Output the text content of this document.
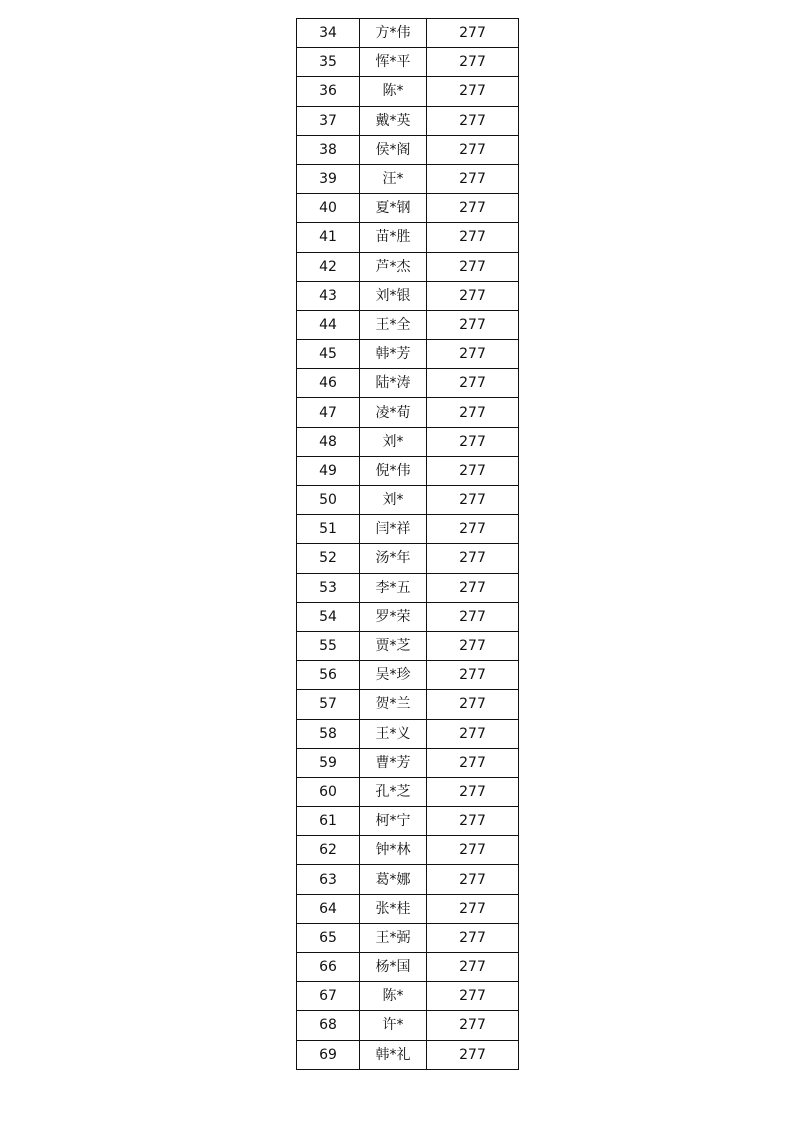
34	方*伟	277
35	恽*平	277
36	陈*	277
37	戴*英	277
38	侯*阁	277
39	汪*	277
40	夏*钢	277
41	苗*胜	277
42	芦*杰	277
43	刘*银	277
44	王*全	277
45	韩*芳	277
46	陆*涛	277
47	凌*荀	277
48	刘*	277
49	倪*伟	277
50	刘*	277
51	闫*祥	277
52	汤*年	277
53	李*五	277
54	罗*荣	277
55	贾*芝	277
56	吴*珍	277
57	贺*兰	277
58	王*义	277
59	曹*芳	277
60	孔*芝	277
61	柯*宁	277
62	钟*林	277
63	葛*娜	277
64	张*桂	277
65	王*弼	277
66	杨*国	277
67	陈*	277
68	许*	277
69	韩*礼	277
